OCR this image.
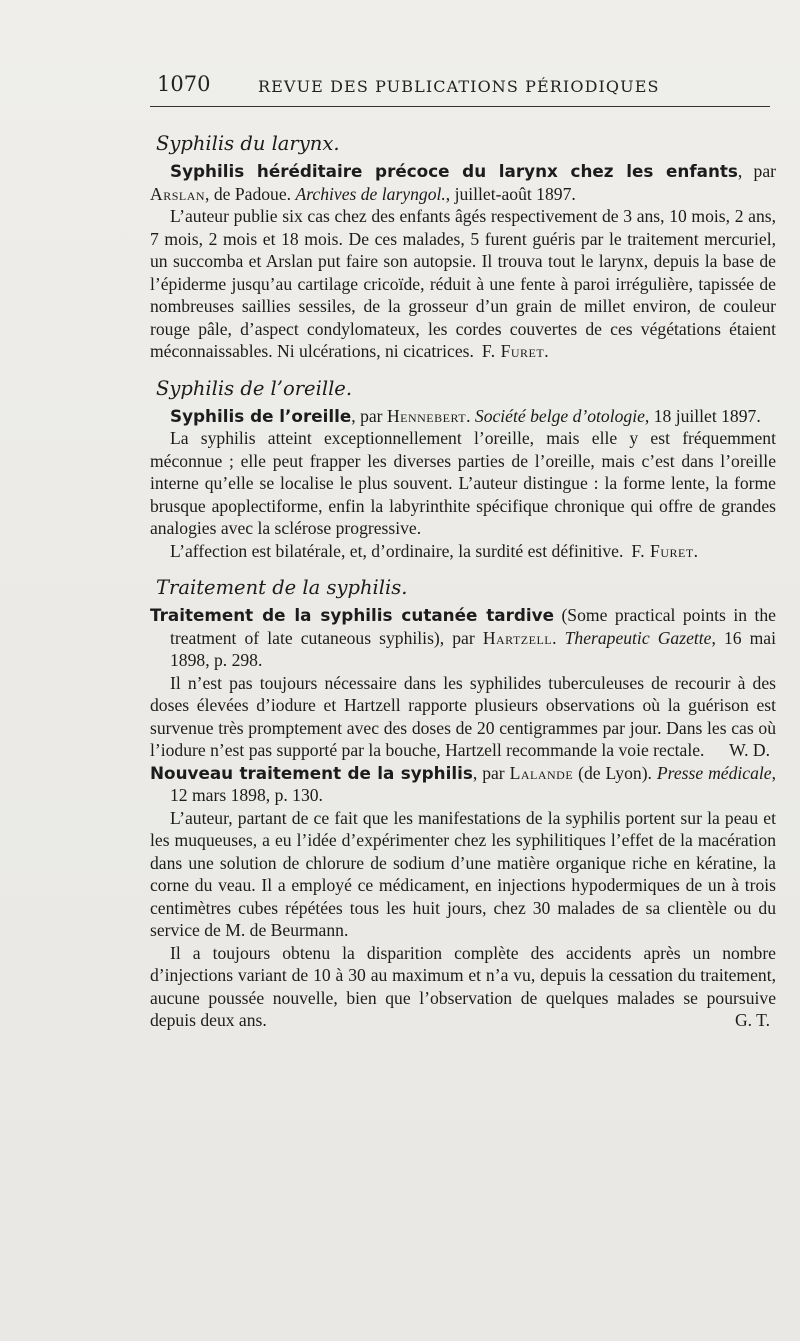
1070	REVUE DES PUBLICATIONS PÉRIODIQUES
Syphilis du larynx.

Syphilis héréditaire précoce du larynx chez les enfants, par Arslan, de Padoue. Archives de laryngol., juillet-août 1897.

L’auteur publie six cas chez des enfants âgés respectivement de 3 ans, 10 mois, 2 ans, 7 mois, 2 mois et 18 mois. De ces malades, 5 furent guéris par le traitement mercuriel, un succomba et Arslan put faire son autopsie. Il trouva tout le larynx, depuis la base de l’épiderme jusqu’au cartilage cricoïde, réduit à une fente à paroi irrégulière, tapissée de nombreuses saillies sessiles, de la grosseur d’un grain de millet environ, de couleur rouge pâle, d’aspect condylomateux, les cordes couvertes de ces végétations étaient méconnaissables. Ni ulcérations, ni cicatrices. F. Furet.

Syphilis de l’oreille.

Syphilis de l’oreille, par Hennebert. Société belge d’otologie, 18 juillet 1897.

La syphilis atteint exceptionnellement l’oreille, mais elle y est fréquemment méconnue ; elle peut frapper les diverses parties de l’oreille, mais c’est dans l’oreille interne qu’elle se localise le plus souvent. L’auteur distingue : la forme lente, la forme brusque apoplectiforme, enfin la labyrinthite spécifique chronique qui offre de grandes analogies avec la sclérose progressive.

L’affection est bilatérale, et, d’ordinaire, la surdité est définitive. F. Furet.

Traitement de la syphilis.

Traitement de la syphilis cutanée tardive (Some practical points in the treatment of late cutaneous syphilis), par Hartzell. Therapeutic Gazette, 16 mai 1898, p. 298.

Il n’est pas toujours nécessaire dans les syphilides tuberculeuses de recourir à des doses élevées d’iodure et Hartzell rapporte plusieurs observations où la guérison est survenue très promptement avec des doses de 20 centigrammes par jour. Dans les cas où l’iodure n’est pas supporté par la bouche, Hartzell recommande la voie rectale.	W. D.

Nouveau traitement de la syphilis, par Lalande (de Lyon). Presse médicale, 12 mars 1898, p. 130.

L’auteur, partant de ce fait que les manifestations de la syphilis portent sur la peau et les muqueuses, a eu l’idée d’expérimenter chez les syphilitiques l’effet de la macération dans une solution de chlorure de sodium d’une matière organique riche en kératine, la corne du veau. Il a employé ce médicament, en injections hypodermiques de un à trois centimètres cubes répétées tous les huit jours, chez 30 malades de sa clientèle ou du service de M. de Beurmann.

Il a toujours obtenu la disparition complète des accidents après un nombre d’injections variant de 10 à 30 au maximum et n’a vu, depuis la cessation du traitement, aucune poussée nouvelle, bien que l’observation de quelques malades se poursuive depuis deux ans.	G. T.
